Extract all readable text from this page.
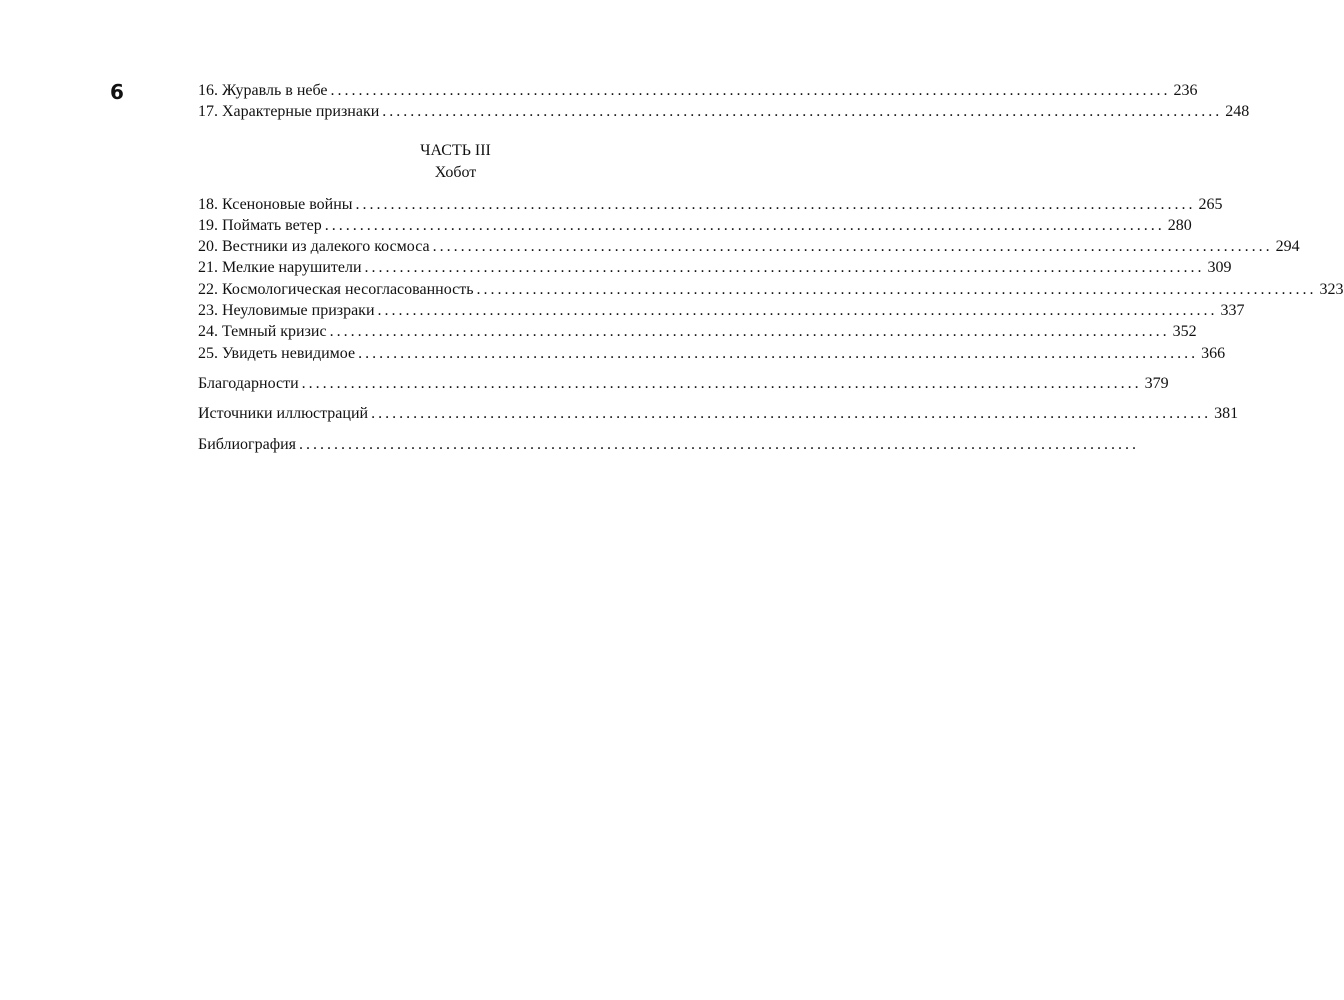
6	16. Журавль в небе ........................................................................................................................ 236
17. Характерные признаки ........................................................................................................................ 248
ЧАСТЬ III
Хобот
18. Ксеноновые войны ........................................................................................................................ 265
19. Поймать ветер ........................................................................................................................ 280
20. Вестники из далекого космоса ........................................................................................................................ 294
21. Мелкие нарушители ........................................................................................................................ 309
22. Космологическая несогласованность ........................................................................................................................ 323
23. Неуловимые призраки ........................................................................................................................ 337
24. Темный кризис ........................................................................................................................ 352
25. Увидеть невидимое ........................................................................................................................ 366
Благодарности ........................................................................................................................ 379
Источники иллюстраций ........................................................................................................................ 381
Библиография ........................................................................................................................
